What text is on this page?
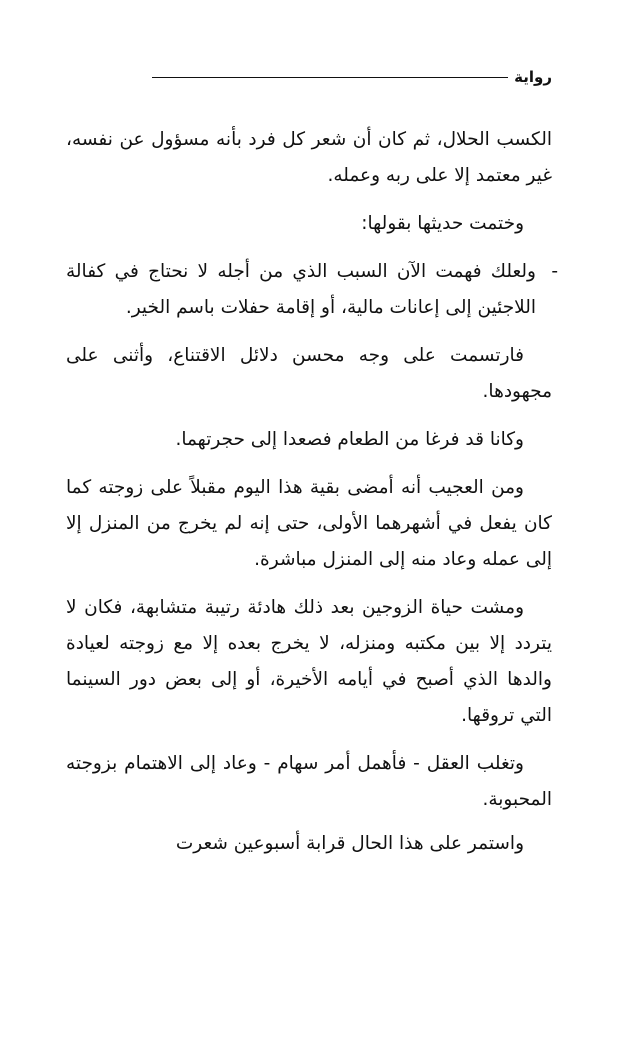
رواية

الكسب الحلال، ثم كان أن شعر كل فرد بأنه مسؤول عن نفسه، غير معتمد إلا على ربه وعمله.

وختمت حديثها بقولها:

-
ولعلك فهمت الآن السبب الذي من أجله لا نحتاج في كفالة اللاجئين إلى إعانات مالية، أو إقامة حفلات باسم الخير.

فارتسمت على وجه محسن دلائل الاقتناع، وأثنى على مجهودها.

وكانا قد فرغا من الطعام فصعدا إلى حجرتهما.

ومن العجيب أنه أمضى بقية هذا اليوم مقبلاً على زوجته كما كان يفعل في أشهرهما الأولى، حتى إنه لم يخرج من المنزل إلا إلى عمله وعاد منه إلى المنزل مباشرة.

ومشت حياة الزوجين بعد ذلك هادئة رتيبة متشابهة، فكان لا يتردد إلا بين مكتبه ومنزله، لا يخرج بعده إلا مع زوجته لعيادة والدها الذي أصبح في أيامه الأخيرة، أو إلى بعض دور السينما التي تروقها.

وتغلب العقل - فأهمل أمر سهام - وعاد إلى الاهتمام بزوجته المحبوبة.

واستمر على هذا الحال قرابة أسبوعين شعرت
